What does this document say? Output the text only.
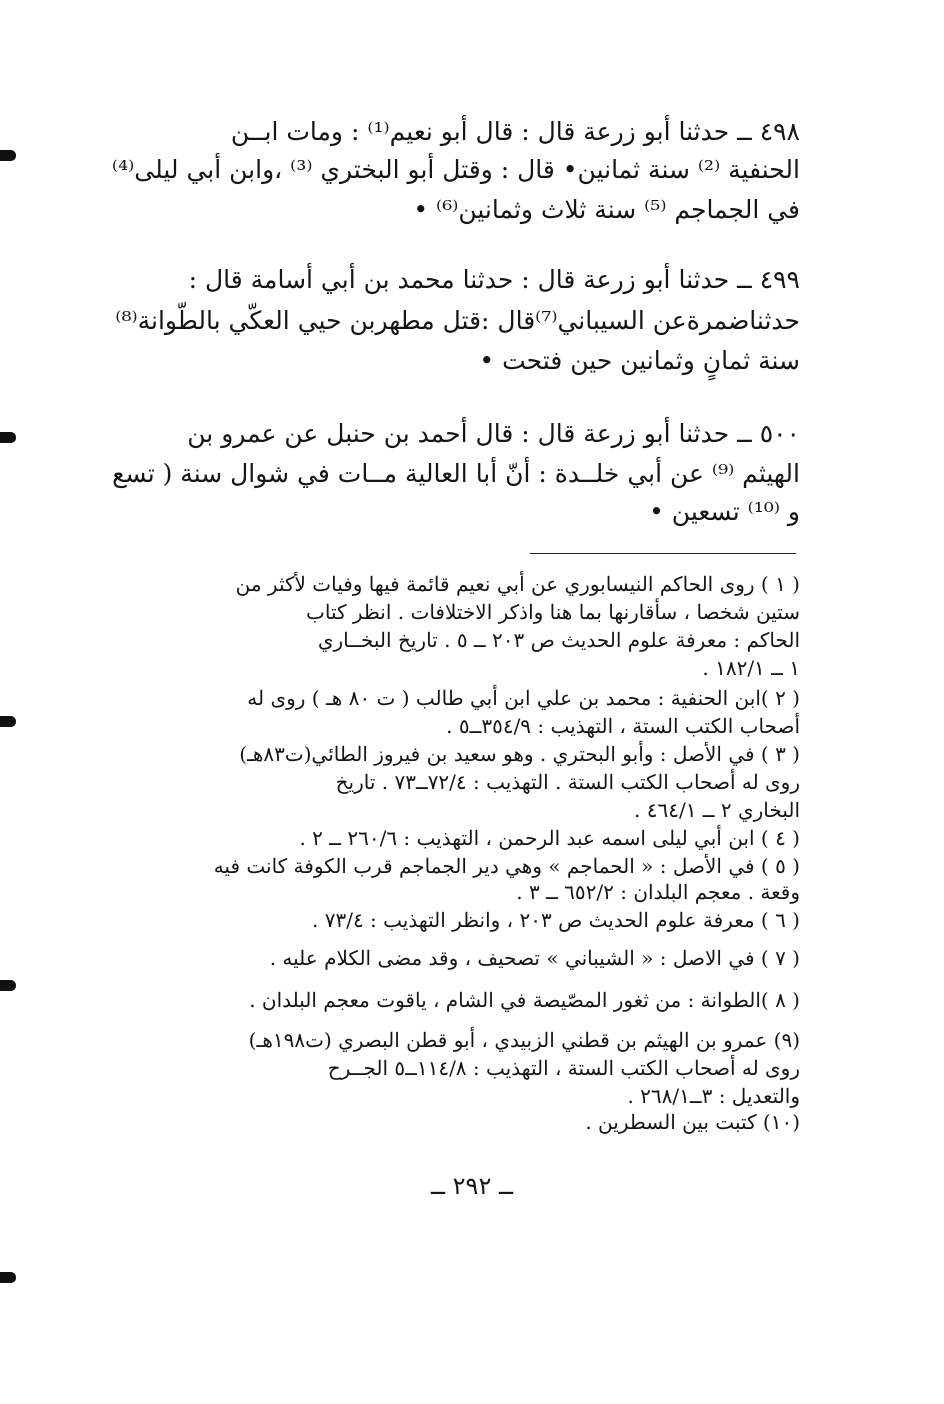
٤٩٨ ــ حدثنا أبو زرعة قال : قال أبو نعيم⁽¹⁾ : ومات ابــن
الحنفية ⁽²⁾ سنة ثمانين• قال : وقتل أبو البختري ⁽³⁾ ،وابن أبي ليلى⁽⁴⁾
في الجماجم ⁽⁵⁾ سنة ثلاث وثمانين⁽⁶⁾ •
٤٩٩ ــ حدثنا أبو زرعة قال : حدثنا محمد بن أبي أسامة قال :
حدثناضمرةعن السيباني⁽⁷⁾قال :قتل مطهربن حيي العكّي بالطّوانة⁽⁸⁾
سنة ثمانٍ وثمانين حين فتحت •
٥٠٠ ــ حدثنا أبو زرعة قال : قال أحمد بن حنبل عن عمرو بن
الهيثم ⁽⁹⁾ عن أبي خلــدة : أنّ أبا العالية مــات في شوال سنة ( تسع
و ⁽¹⁰⁾ تسعين •
( ١ ) روى الحاكم النيسابوري عن أبي نعيم قائمة فيها وفيات لأكثر من
ستين شخصا ، سأقارنها بما هنا واذكر الاختلافات . انظر كتاب
الحاكم : معرفة علوم الحديث ص ٢٠٣ ــ ٥ . تاريخ البخــاري
١ ــ ١٨٢/١ .
( ٢ )ابن الحنفية : محمد بن علي ابن أبي طالب ( ت ٨٠ هـ ) روى له
أصحاب الكتب الستة ، التهذيب : ٣٥٤/٩ــ٥ .
( ٣ ) في الأصل : وأبو البحتري . وهو سعيد بن فيروز الطائي(ت٨٣هـ)
روى له أصحاب الكتب الستة . التهذيب : ٧٢/٤ــ٧٣ . تاريخ
البخاري ٢ ــ ٤٦٤/١ .
( ٤ ) ابن أبي ليلى اسمه عبد الرحمن ، التهذيب : ٢٦٠/٦ ــ ٢ .
( ٥ ) في الأصل : « الحماجم » وهي دير الجماجم قرب الكوفة كانت فيه
وقعة . معجم البلدان : ٦٥٢/٢ ــ ٣ .
( ٦ ) معرفة علوم الحديث ص ٢٠٣ ، وانظر التهذيب : ٧٣/٤ .
( ٧ ) في الاصل : « الشيباني » تصحيف ، وقد مضى الكلام عليه .
( ٨ )الطوانة : من ثغور المصّيصة في الشام ، ياقوت معجم البلدان .
(٩) عمرو بن الهيثم بن قطني الزبيدي ، أبو قطن البصري (ت١٩٨هـ)
روى له أصحاب الكتب الستة ، التهذيب : ١١٤/٨ــ٥ الجــرح
والتعديل : ٣ــ٢٦٨/١ .
(١٠) كتبت بين السطرين .
ــ ٢٩٢ ــ
